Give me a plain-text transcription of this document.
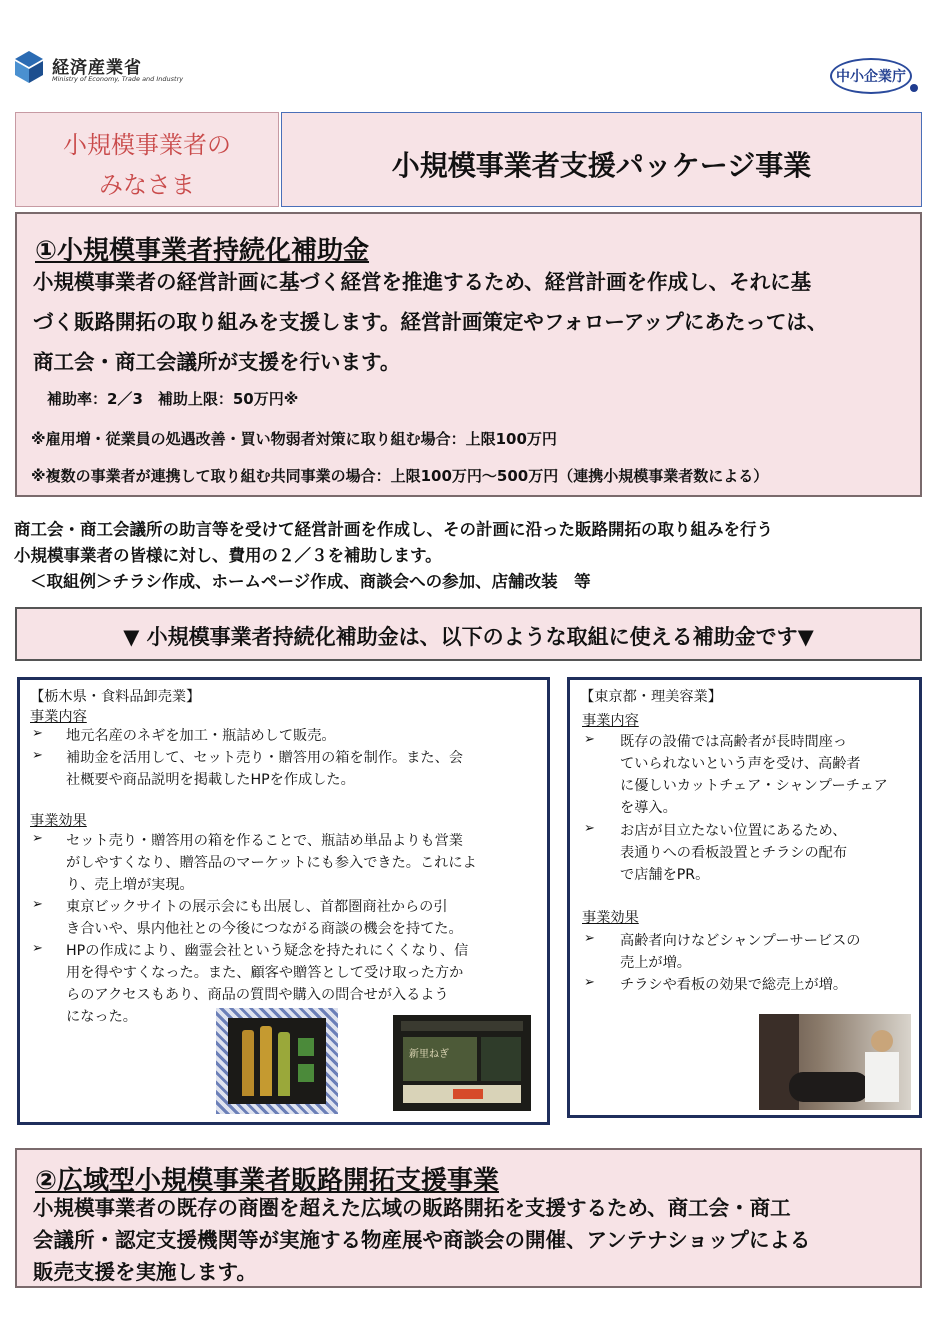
経済産業省
Ministry of Economy, Trade and Industry	中小企業庁
小規模事業者の
みなさま
小規模事業者支援パッケージ事業
①小規模事業者持続化補助金
小規模事業者の経営計画に基づく経営を推進するため、経営計画を作成し、それに基
づく販路開拓の取り組みを支援します。経営計画策定やフォローアップにあたっては、
商工会・商工会議所が支援を行います。
補助率：2／3　補助上限：50万円※
※雇用増・従業員の処遇改善・買い物弱者対策に取り組む場合：上限100万円
※複数の事業者が連携して取り組む共同事業の場合：上限100万円～500万円（連携小規模事業者数による）
商工会・商工会議所の助言等を受けて経営計画を作成し、その計画に沿った販路開拓の取り組みを行う
小規模事業者の皆様に対し、費用の２／３を補助します。
＜取組例＞チラシ作成、ホームページ作成、商談会への参加、店舗改装　等
▼ 小規模事業者持続化補助金は、以下のような取組に使える補助金です▼
【栃木県・食料品卸売業】
事業内容
➢ 地元名産のネギを加工・瓶詰めして販売。
➢ 補助金を活用して、セット売り・贈答用の箱を制作。また、会
社概要や商品説明を掲載したHPを作成した。
事業効果
➢ セット売り・贈答用の箱を作ることで、瓶詰め単品よりも営業
がしやすくなり、贈答品のマーケットにも参入できた。これによ
り、売上増が実現。
➢ 東京ビックサイトの展示会にも出展し、首都圏商社からの引
き合いや、県内他社との今後につながる商談の機会を持てた。
➢ HPの作成により、幽霊会社という疑念を持たれにくくなり、信
用を得やすくなった。また、顧客や贈答として受け取った方か
らのアクセスもあり、商品の質問や購入の問合せが入るよう
になった。
新里ねぎ
【東京都・理美容業】
事業内容
➢ 既存の設備では高齢者が長時間座っ
ていられないという声を受け、高齢者
に優しいカットチェア・シャンプーチェア
を導入。
➢ お店が目立たない位置にあるため、
表通りへの看板設置とチラシの配布
で店舗をPR。
事業効果
➢ 高齢者向けなどシャンプーサービスの
売上が増。
➢ チラシや看板の効果で総売上が増。
②広域型小規模事業者販路開拓支援事業
小規模事業者の既存の商圏を超えた広域の販路開拓を支援するため、商工会・商工
会議所・認定支援機関等が実施する物産展や商談会の開催、アンテナショップによる
販売支援を実施します。
